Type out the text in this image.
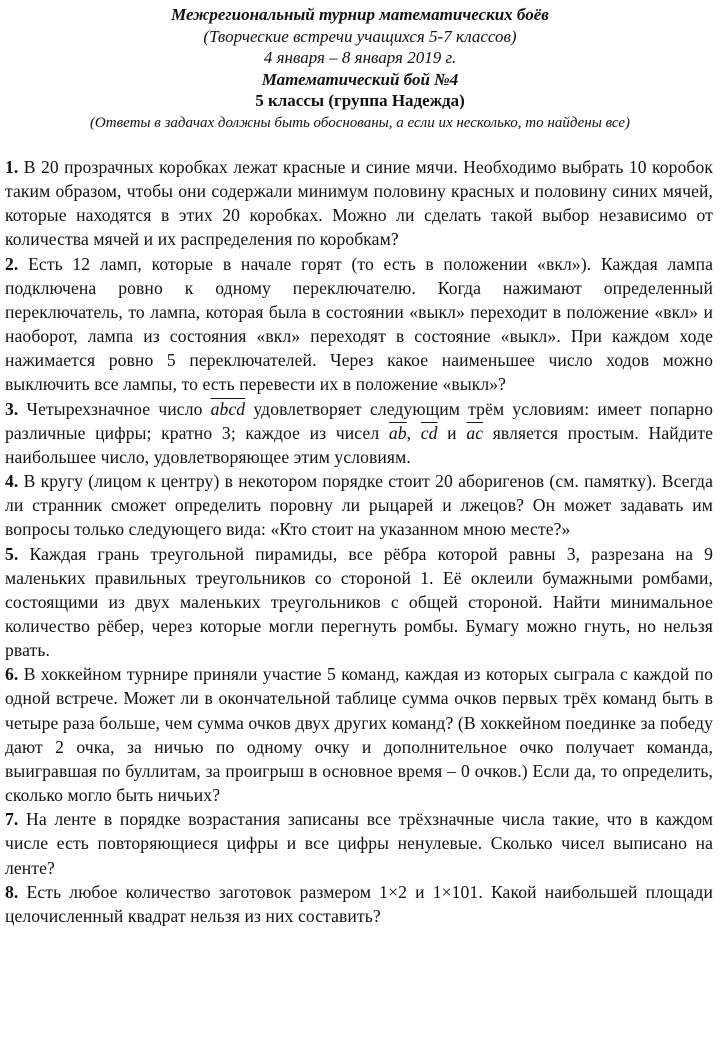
Межрегиональный турнир математических боёв
(Творческие встречи учащихся 5-7 классов)
4 января – 8 января 2019 г.
Математический бой №4
5 классы (группа Надежда)
(Ответы в задачах должны быть обоснованы, а если их несколько, то найдены все)

1. В 20 прозрачных коробках лежат красные и синие мячи. Необходимо выбрать 10 коробок таким образом, чтобы они содержали минимум половину красных и половину синих мячей, которые находятся в этих 20 коробках. Можно ли сделать такой выбор независимо от количества мячей и их распределения по коробкам?

2. Есть 12 ламп, которые в начале горят (то есть в положении «вкл»). Каждая лампа подключена ровно к одному переключателю. Когда нажимают определенный переключатель, то лампа, которая была в состоянии «выкл» переходит в положение «вкл» и наоборот, лампа из состояния «вкл» переходят в состояние «выкл». При каждом ходе нажимается ровно 5 переключателей. Через какое наименьшее число ходов можно выключить все лампы, то есть перевести их в положение «выкл»?

3. Четырехзначное число abcd удовлетворяет следующим трём условиям: имеет попарно различные цифры; кратно 3; каждое из чисел $\overline{ab}$, $\overline{cd}$ и $\overline{ac}$ является простым. Найдите наибольшее число, удовлетворяющее этим условиям.

4. В кругу (лицом к центру) в некотором порядке стоит 20 аборигенов (см. памятку). Всегда ли странник сможет определить поровну ли рыцарей и лжецов? Он может задавать им вопросы только следующего вида: «Кто стоит на указанном мною месте?»

5. Каждая грань треугольной пирамиды, все рёбра которой равны 3, разрезана на 9 маленьких правильных треугольников со стороной 1. Её оклеили бумажными ромбами, состоящими из двух маленьких треугольников с общей стороной. Найти минимальное количество рёбер, через которые могли перегнуть ромбы. Бумагу можно гнуть, но нельзя рвать.

6. В хоккейном турнире приняли участие 5 команд, каждая из которых сыграла с каждой по одной встрече. Может ли в окончательной таблице сумма очков первых трёх команд быть в четыре раза больше, чем сумма очков двух других команд? (В хоккейном поединке за победу дают 2 очка, за ничью по одному очку и дополнительное очко получает команда, выигравшая по буллитам, за проигрыш в основное время – 0 очков.) Если да, то определить, сколько могло быть ничьих?

7. На ленте в порядке возрастания записаны все трёхзначные числа такие, что в каждом числе есть повторяющиеся цифры и все цифры ненулевые. Сколько чисел выписано на ленте?

8. Есть любое количество заготовок размером 1×2 и 1×101. Какой наибольшей площади целочисленный квадрат нельзя из них составить?
